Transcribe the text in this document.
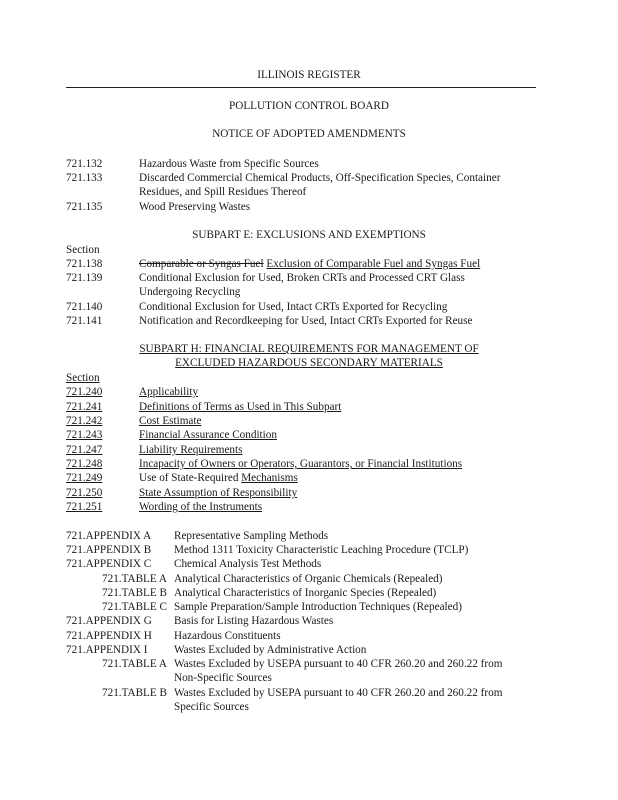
ILLINOIS REGISTER
POLLUTION CONTROL BOARD
NOTICE OF ADOPTED AMENDMENTS
721.132	Hazardous Waste from Specific Sources
721.133	Discarded Commercial Chemical Products, Off-Specification Species, Container
Residues, and Spill Residues Thereof
721.135	Wood Preserving Wastes
SUBPART E: EXCLUSIONS AND EXEMPTIONS
Section
721.138	Comparable or Syngas Fuel Exclusion of Comparable Fuel and Syngas Fuel
721.139	Conditional Exclusion for Used, Broken CRTs and Processed CRT Glass
Undergoing Recycling
721.140	Conditional Exclusion for Used, Intact CRTs Exported for Recycling
721.141	Notification and Recordkeeping for Used, Intact CRTs Exported for Reuse
SUBPART H: FINANCIAL REQUIREMENTS FOR MANAGEMENT OF
EXCLUDED HAZARDOUS SECONDARY MATERIALS
Section
721.240	Applicability
721.241	Definitions of Terms as Used in This Subpart
721.242	Cost Estimate
721.243	Financial Assurance Condition
721.247	Liability Requirements
721.248	Incapacity of Owners or Operators, Guarantors, or Financial Institutions
721.249	Use of State-Required Mechanisms
721.250	State Assumption of Responsibility
721.251	Wording of the Instruments
721.APPENDIX A Representative Sampling Methods
721.APPENDIX B Method 1311 Toxicity Characteristic Leaching Procedure (TCLP)
721.APPENDIX C Chemical Analysis Test Methods
721.TABLE A Analytical Characteristics of Organic Chemicals (Repealed)
721.TABLE B Analytical Characteristics of Inorganic Species (Repealed)
721.TABLE C Sample Preparation/Sample Introduction Techniques (Repealed)
721.APPENDIX G Basis for Listing Hazardous Wastes
721.APPENDIX H Hazardous Constituents
721.APPENDIX I Wastes Excluded by Administrative Action
721.TABLE A Wastes Excluded by USEPA pursuant to 40 CFR 260.20 and 260.22 from
Non-Specific Sources
721.TABLE B Wastes Excluded by USEPA pursuant to 40 CFR 260.20 and 260.22 from
Specific Sources
